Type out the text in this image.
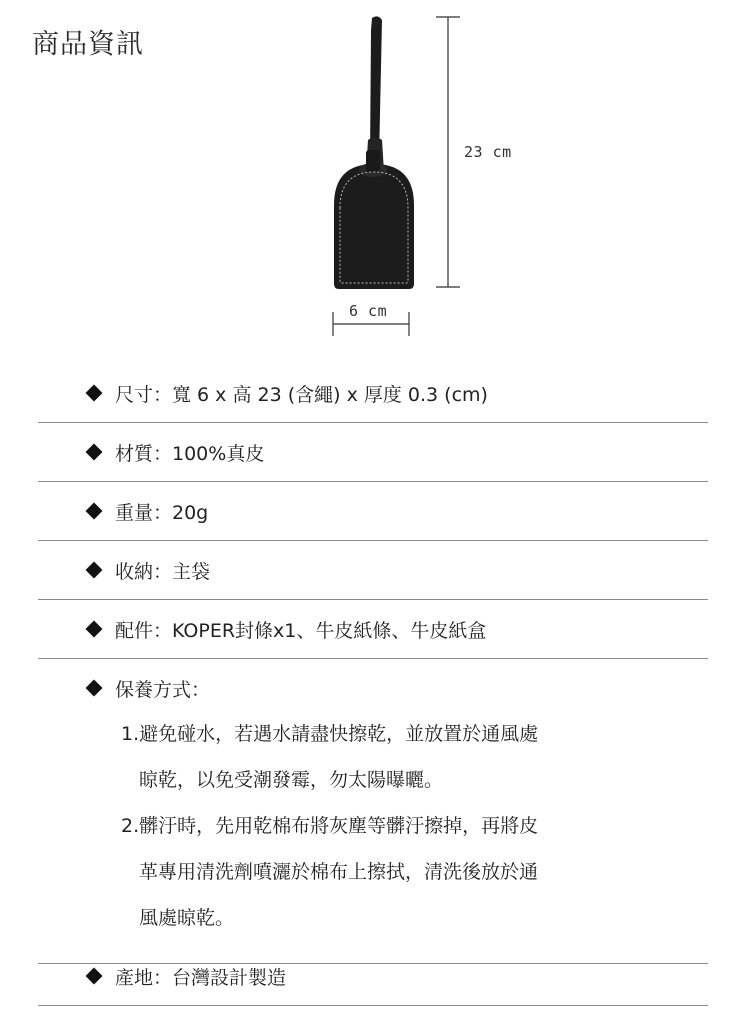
商品資訊
23 cm
6 cm
尺寸：寬 6 x 高 23 (含繩) x 厚度 0.3 (cm)
材質：100%真皮
重量：20g
收納：主袋
配件：KOPER封條x1、牛皮紙條、牛皮紙盒
保養方式：
1.避免碰水，若遇水請盡快擦乾，並放置於通風處
晾乾，以免受潮發霉，勿太陽曝曬。
2.髒汙時，先用乾棉布將灰塵等髒汙擦掉，再將皮
革專用清洗劑噴灑於棉布上擦拭，清洗後放於通
風處晾乾。
產地：台灣設計製造
